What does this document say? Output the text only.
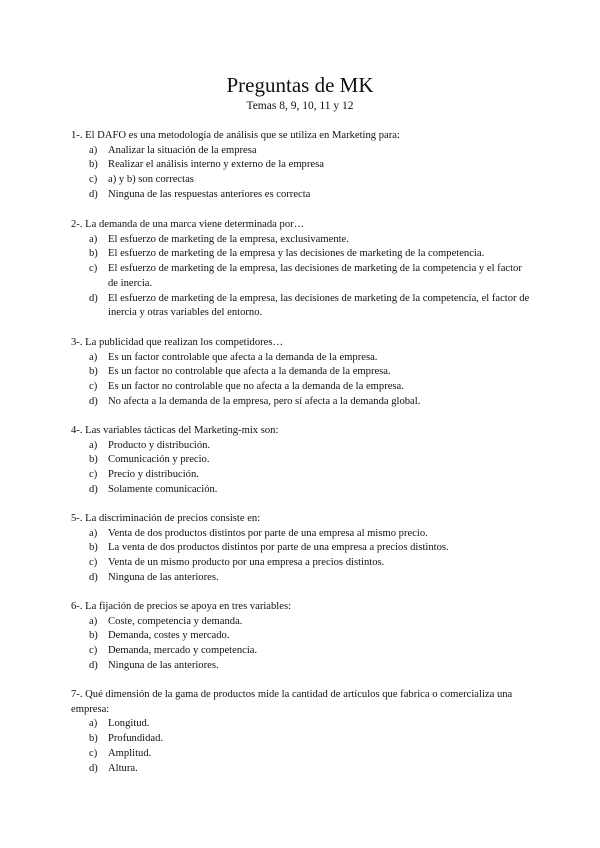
Preguntas de MK
Temas 8, 9, 10, 11 y 12
1-. El DAFO es una metodología de análisis que se utiliza en Marketing para:
a) Analizar la situación de la empresa
b) Realizar el análisis interno y externo de la empresa
c) a) y b) son correctas
d) Ninguna de las respuestas anteriores es correcta
2-. La demanda de una marca viene determinada por…
a) El esfuerzo de marketing de la empresa, exclusivamente.
b) El esfuerzo de marketing de la empresa y las decisiones de marketing de la competencia.
c) El esfuerzo de marketing de la empresa, las decisiones de marketing de la competencia y el factor de inercia.
d) El esfuerzo de marketing de la empresa, las decisiones de marketing de la competencia, el factor de inercia y otras variables del entorno.
3-. La publicidad que realizan los competidores…
a) Es un factor controlable que afecta a la demanda de la empresa.
b) Es un factor no controlable que afecta a la demanda de la empresa.
c) Es un factor no controlable que no afecta a la demanda de la empresa.
d) No afecta a la demanda de la empresa, pero sí afecta a la demanda global.
4-. Las variables tácticas del Marketing-mix son:
a) Producto y distribución.
b) Comunicación y precio.
c) Precio y distribución.
d) Solamente comunicación.
5-. La discriminación de precios consiste en:
a) Venta de dos productos distintos por parte de una empresa al mismo precio.
b) La venta de dos productos distintos por parte de una empresa a precios distintos.
c) Venta de un mismo producto por una empresa a precios distintos.
d) Ninguna de las anteriores.
6-. La fijación de precios se apoya en tres variables:
a) Coste, competencia y demanda.
b) Demanda, costes y mercado.
c) Demanda, mercado y competencia.
d) Ninguna de las anteriores.
7-. Qué dimensión de la gama de productos mide la cantidad de artículos que fabrica o comercializa una empresa:
a) Longitud.
b) Profundidad.
c) Amplitud.
d) Altura.
